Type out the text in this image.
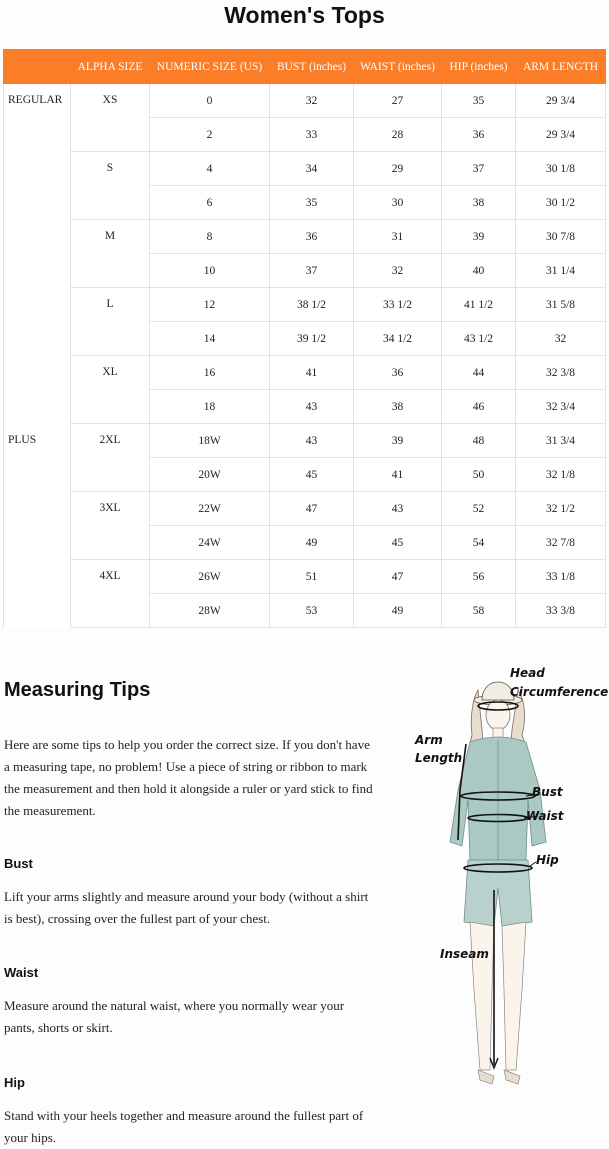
Women's Tops
	ALPHA SIZE	NUMERIC SIZE (US)	BUST (inches)	WAIST (inches)	HIP (inches)	ARM LENGTH
REGULAR	XS	0	32	27	35	29 3/4
		2	33	28	36	29 3/4
	S	4	34	29	37	30 1/8
		6	35	30	38	30 1/2
	M	8	36	31	39	30 7/8
		10	37	32	40	31 1/4
	L	12	38 1/2	33 1/2	41 1/2	31 5/8
		14	39 1/2	34 1/2	43 1/2	32
	XL	16	41	36	44	32 3/8
		18	43	38	46	32 3/4
PLUS	2XL	18W	43	39	48	31 3/4
		20W	45	41	50	32 1/8
	3XL	22W	47	43	52	32 1/2
		24W	49	45	54	32 7/8
	4XL	26W	51	47	56	33 1/8
		28W	53	49	58	33 3/8
Measuring Tips
Here are some tips to help you order the correct size. If you don't have a measuring tape, no problem! Use a piece of string or ribbon to mark the measurement and then hold it alongside a ruler or yard stick to find the measurement.
Bust
Lift your arms slightly and measure around your body (without a shirt is best), crossing over the fullest part of your chest.
Waist
Measure around the natural waist, where you normally wear your pants, shorts or skirt.
Hip
Stand with your heels together and measure around the fullest part of your hips.
Head
Circumference
Arm
Length
Bust
Waist
Hip
Inseam
